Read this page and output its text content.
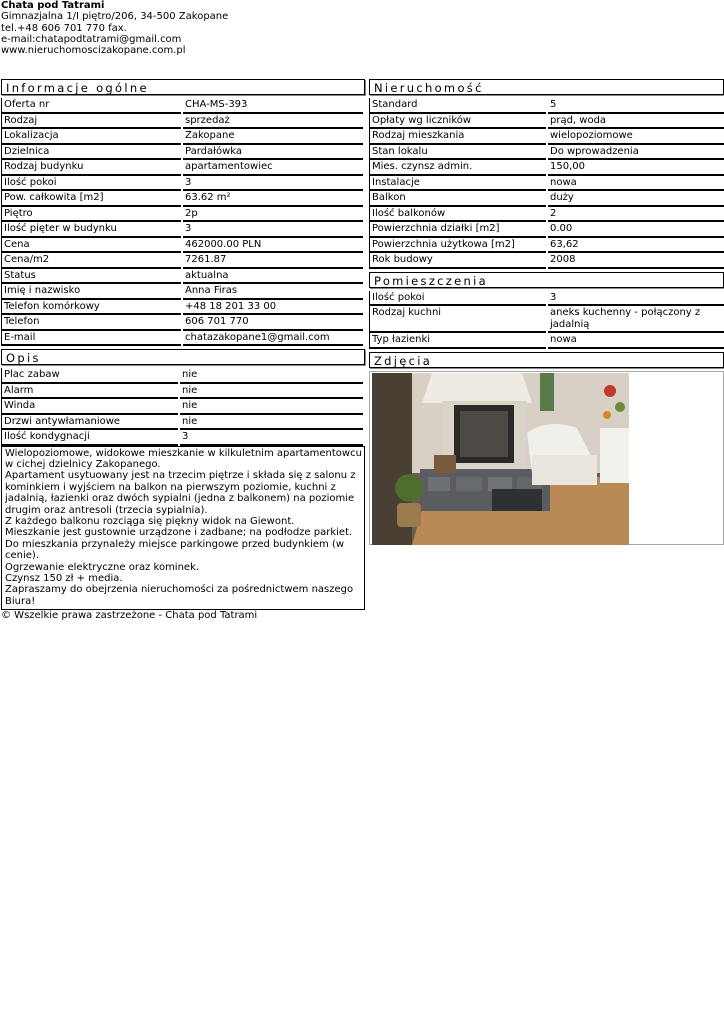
Chata pod Tatrami
Gimnazjalna 1/I piętro/206, 34-500 Zakopane
tel.+48 606 701 770 fax.
e-mail:chatapodtatrami@gmail.com
www.nieruchomoscizakopane.com.pl
Informacje ogólne
Oferta nr	CHA-MS-393
Rodzaj	sprzedaż
Lokalizacja	Zakopane
Dzielnica	Pardałówka
Rodzaj budynku	apartamentowiec
Ilość pokoi	3
Pow. całkowita [m2]	63.62 m²
Piętro	2p
Ilość pięter w budynku	3
Cena	462000.00 PLN
Cena/m2	7261.87
Status	aktualna
Imię i nazwisko	Anna Firas
Telefon komórkowy	+48 18 201 33 00
Telefon	606 701 770
E-mail	chatazakopane1@gmail.com
Opis
Plac zabaw	nie
Alarm	nie
Winda	nie
Drzwi antywłamaniowe	nie
Ilość kondygnacji	3
Wielopoziomowe, widokowe mieszkanie w kilkuletnim apartamentowcu w cichej dzielnicy Zakopanego.
Apartament usytuowany jest na trzecim piętrze i składa się z salonu z kominkiem i wyjściem na balkon na pierwszym poziomie, kuchni z jadalnią, łazienki oraz dwóch sypialni (jedna z balkonem) na poziomie drugim oraz antresoli (trzecia sypialnia).
Z każdego balkonu rozciąga się piękny widok na Giewont.
Mieszkanie jest gustownie urządzone i zadbane; na podłodze parkiet.
Do mieszkania przynależy miejsce parkingowe przed budynkiem (w cenie).
Ogrzewanie elektryczne oraz kominek.
Czynsz 150 zł + media.
Zapraszamy do obejrzenia nieruchomości za pośrednictwem naszego Biura!
Nieruchomość
Standard	5
Opłaty wg liczników	prąd, woda
Rodzaj mieszkania	wielopoziomowe
Stan lokalu	Do wprowadzenia
Mies. czynsz admin.	150,00
Instalacje	nowa
Balkon	duży
Ilość balkonów	2
Powierzchnia działki [m2]	0.00
Powierzchnia użytkowa [m2]	63,62
Rok budowy	2008
Pomieszczenia
Ilość pokoi	3
Rodzaj kuchni	aneks kuchenny - połączony z jadalnią
Typ łazienki	nowa
Zdjęcia
© Wszelkie prawa zastrzeżone - Chata pod Tatrami
